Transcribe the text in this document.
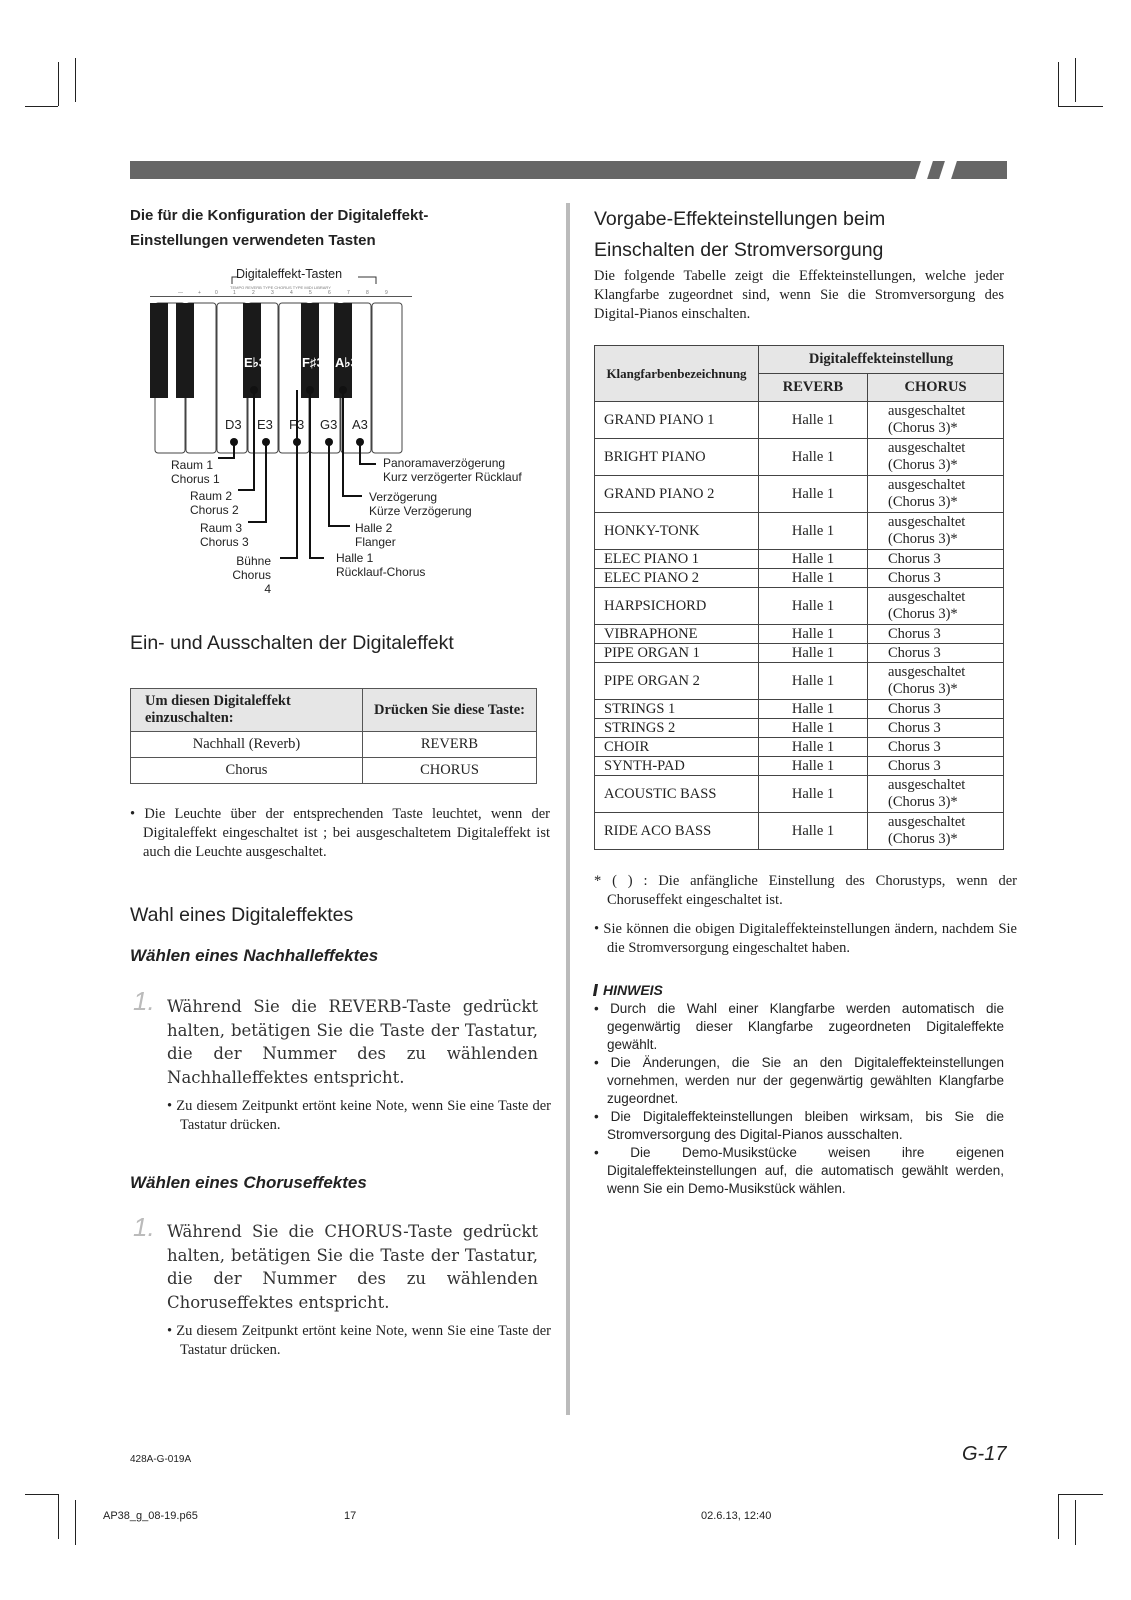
Die für die Konfiguration der Digitaleffekt-
Einstellungen verwendeten Tasten
—	+	0	1	2	3	4	5	6	7	8	9
TEMPO REVERB TYPE CHORUS TYPE MIDI LIBRARY
Digitaleffekt-Tasten
E♭3	F♯3 A♭3
D3 E3 F3 G3 A3
Raum 1
Chorus 1
Raum 2
Chorus 2
Raum 3
Chorus 3
Bühne
Chorus 4
Panoramaverzögerung
Kurz verzögerter Rücklauf
Verzögerung
Kürze Verzögerung
Halle 2
Flanger
Halle 1
Rücklauf-Chorus
Ein- und Ausschalten der Digitaleffekt
Um diesen Digitaleffekt einzuschalten:	Drücken Sie diese Taste:
Nachhall (Reverb)	REVERB
Chorus	CHORUS
• Die Leuchte über der entsprechenden Taste leuchtet, wenn der Digitaleffekt eingeschaltet ist ; bei ausgeschaltetem Digitaleffekt ist auch die Leuchte ausgeschaltet.
Wahl eines Digitaleffektes
Wählen eines Nachhalleffektes
1. Während Sie die REVERB-Taste gedrückt halten, betätigen Sie die Taste der Tastatur, die der Nummer des zu wählenden Nachhalleffektes entspricht.
• Zu diesem Zeitpunkt ertönt keine Note, wenn Sie eine Taste der Tastatur drücken.
Wählen eines Choruseffektes
1. Während Sie die CHORUS-Taste gedrückt halten, betätigen Sie die Taste der Tastatur, die der Nummer des zu wählenden Choruseffektes entspricht.
• Zu diesem Zeitpunkt ertönt keine Note, wenn Sie eine Taste der Tastatur drücken.
Vorgabe-Effekteinstellungen beim
Einschalten der Stromversorgung
Die folgende Tabelle zeigt die Effekteinstellungen, welche jeder Klangfarbe zugeordnet sind, wenn Sie die Stromversorgung des Digital-Pianos einschalten.
Klangfarbenbezeichnung	Digitaleffekteinstellung	
	REVERB	CHORUS
GRAND PIANO 1	Halle 1	ausgeschaltet
(Chorus 3)*
BRIGHT PIANO	Halle 1	ausgeschaltet
(Chorus 3)*
GRAND PIANO 2	Halle 1	ausgeschaltet
(Chorus 3)*
HONKY-TONK	Halle 1	ausgeschaltet
(Chorus 3)*
ELEC PIANO 1	Halle 1	Chorus 3
ELEC PIANO 2	Halle 1	Chorus 3
HARPSICHORD	Halle 1	ausgeschaltet
(Chorus 3)*
VIBRAPHONE	Halle 1	Chorus 3
PIPE ORGAN 1	Halle 1	Chorus 3
PIPE ORGAN 2	Halle 1	ausgeschaltet
(Chorus 3)*
STRINGS 1	Halle 1	Chorus 3
STRINGS 2	Halle 1	Chorus 3
CHOIR	Halle 1	Chorus 3
SYNTH-PAD	Halle 1	Chorus 3
ACOUSTIC BASS	Halle 1	ausgeschaltet
(Chorus 3)*
RIDE ACO BASS	Halle 1	ausgeschaltet
(Chorus 3)*
* ( ) : Die anfängliche Einstellung des Chorustyps, wenn der Choruseffekt eingeschaltet ist.
• Sie können die obigen Digitaleffekteinstellungen ändern, nachdem Sie die Stromversorgung eingeschaltet haben.
HINWEIS
• Durch die Wahl einer Klangfarbe werden automatisch die gegenwärtig dieser Klangfarbe zugeordneten Digitaleffekte gewählt.
• Die Änderungen, die Sie an den Digitaleffekteinstellungen vornehmen, werden nur der gegenwärtig gewählten Klangfarbe zugeordnet.
• Die Digitaleffekteinstellungen bleiben wirksam, bis Sie die Stromversorgung des Digital-Pianos ausschalten.
• Die Demo-Musikstücke weisen ihre eigenen Digitaleffekteinstellungen auf, die automatisch gewählt werden, wenn Sie ein Demo-Musikstück wählen.
428A-G-019A	G-17
AP38_g_08-19.p65	17	02.6.13, 12:40
